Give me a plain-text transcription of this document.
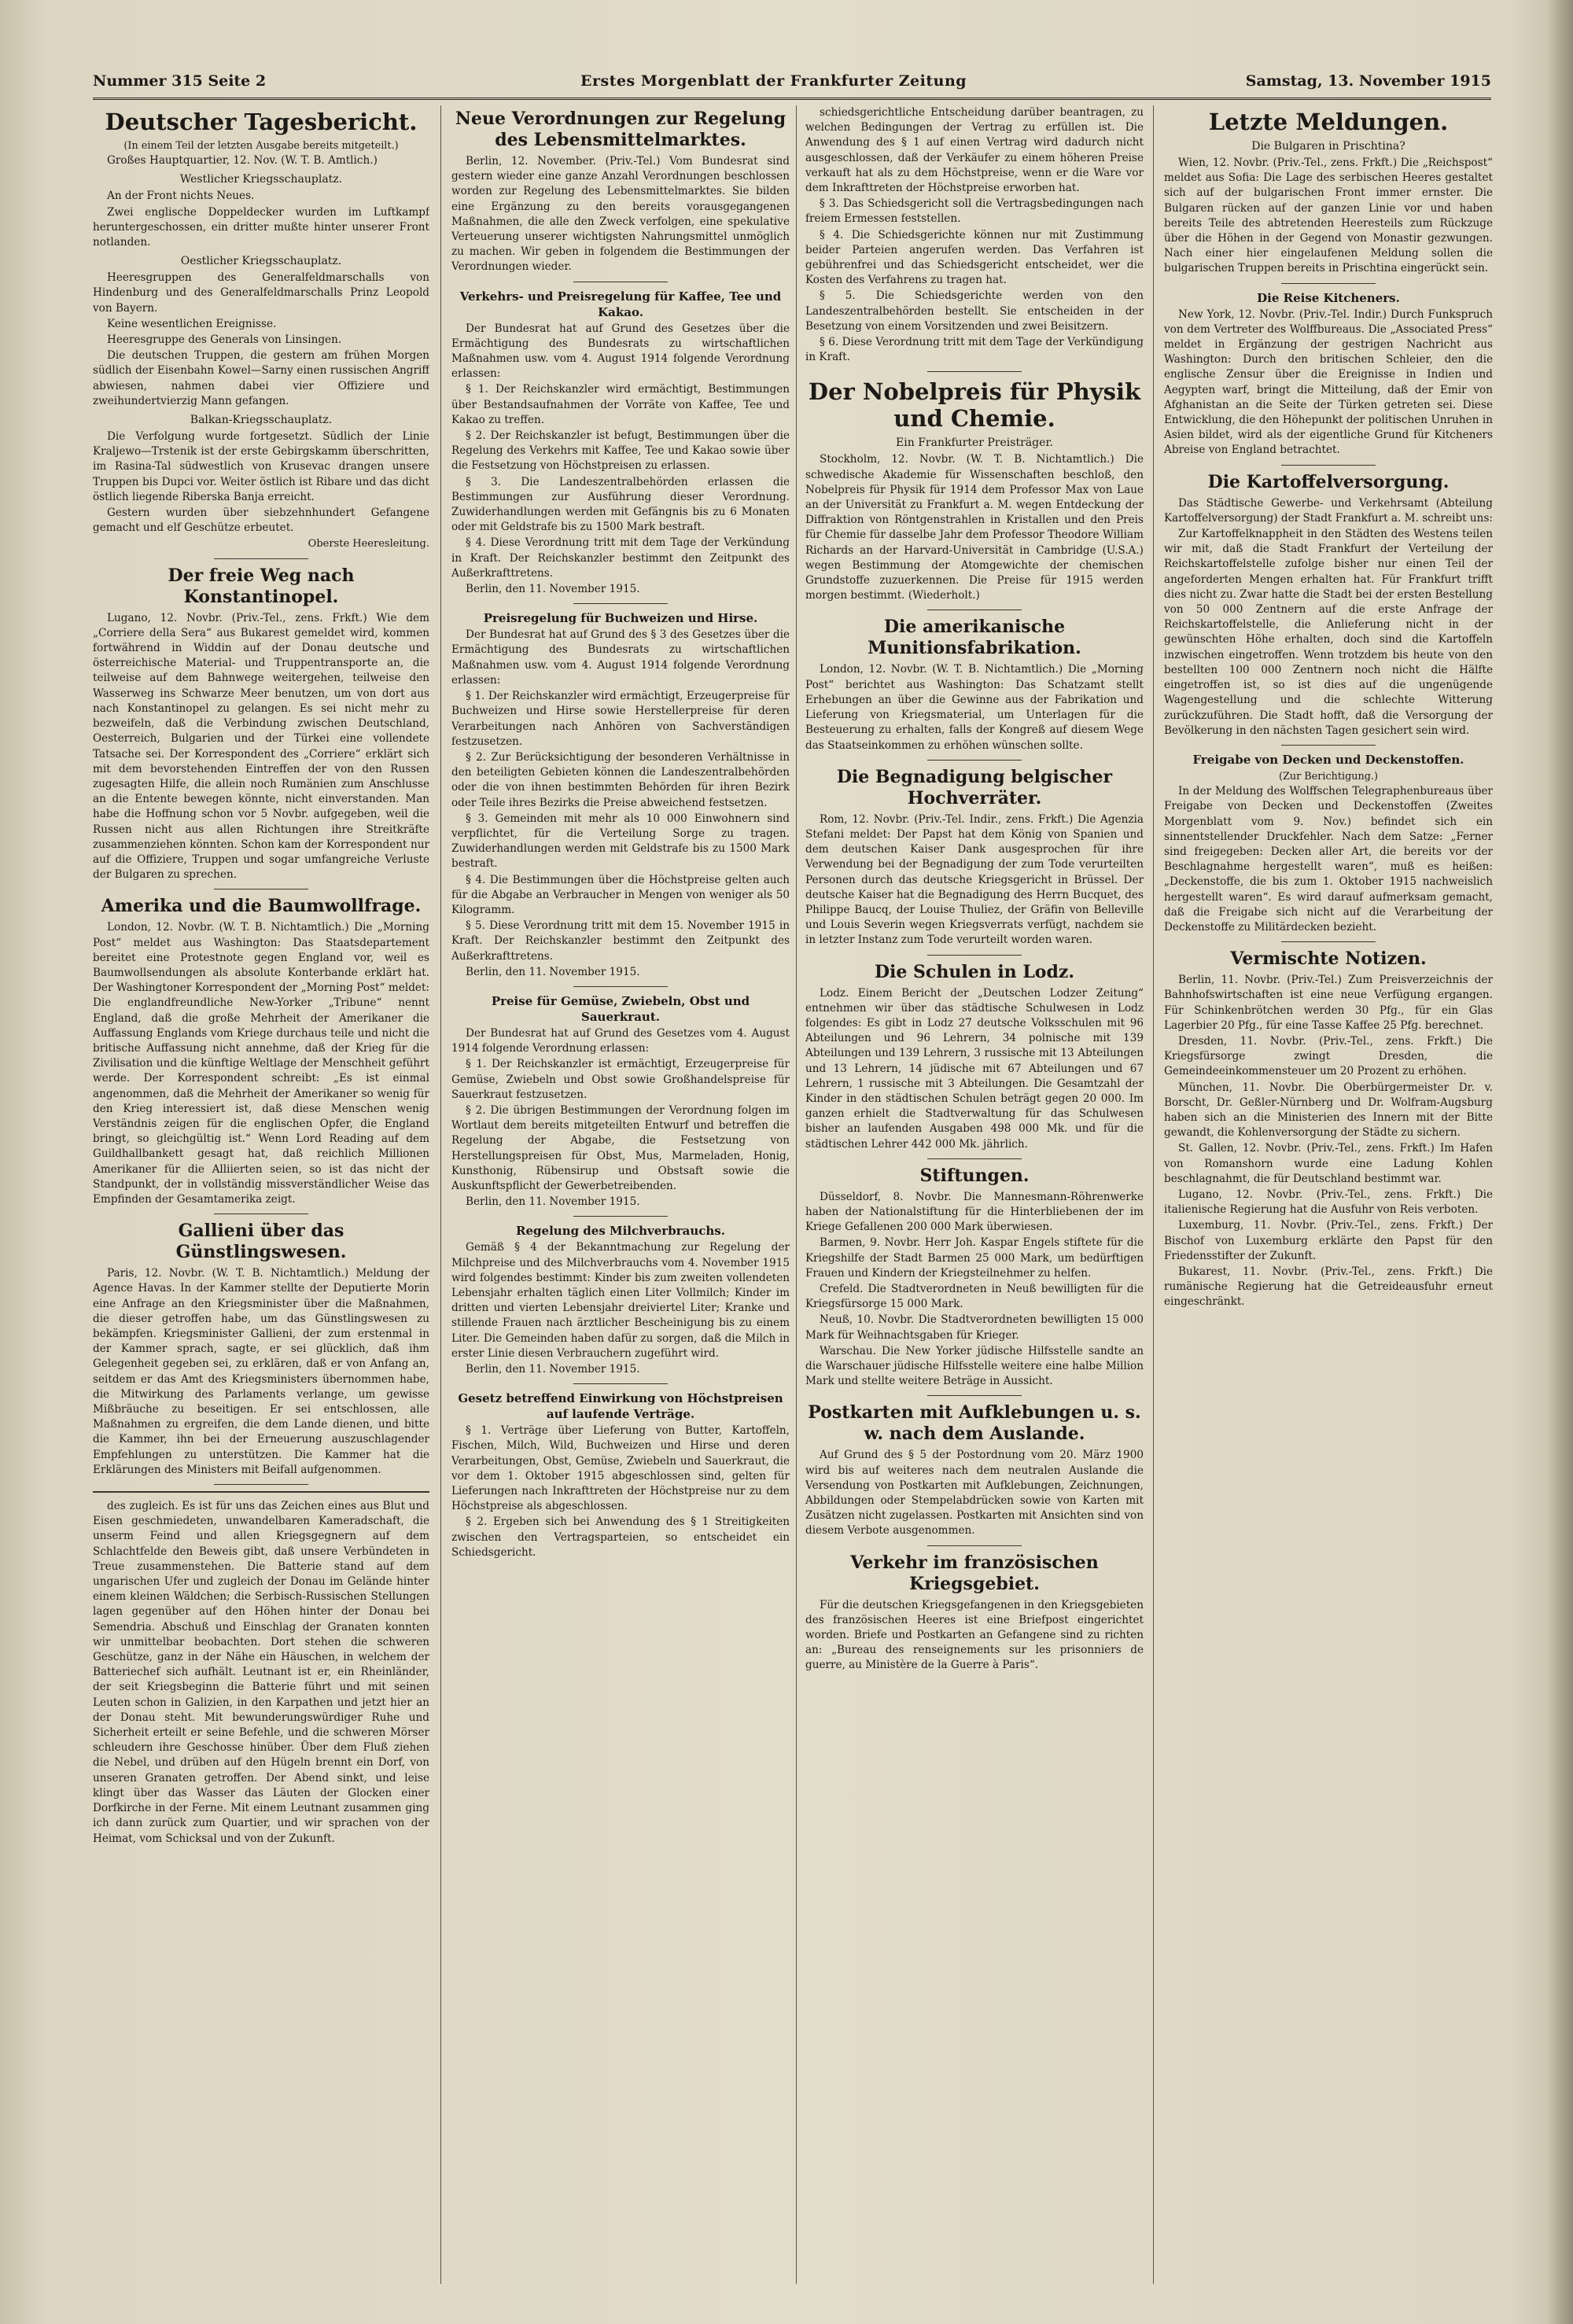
Nummer 315 Seite 2	Erstes Morgenblatt der Frankfurter Zeitung	Samstag, 13. November 1915
Deutscher Tagesbericht.
(In einem Teil der letzten Ausgabe bereits mitgeteilt.)
Großes Hauptquartier, 12. Nov. (W. T. B. Amtlich.)
Westlicher Kriegsschauplatz.
An der Front nichts Neues.
Zwei englische Doppeldecker wurden im Luftkampf heruntergeschossen, ein dritter mußte hinter unserer Front notlanden.
Oestlicher Kriegsschauplatz.
Heeresgruppen des Generalfeldmarschalls von Hindenburg und des Generalfeldmarschalls Prinz Leopold von Bayern.
Keine wesentlichen Ereignisse.
Heeresgruppe des Generals von Linsingen.
Die deutschen Truppen, die gestern am frühen Morgen südlich der Eisenbahn Kowel—Sarny einen russischen Angriff abwiesen, nahmen dabei vier Offiziere und zweihundertvierzig Mann gefangen.
Balkan-Kriegsschauplatz.
Die Verfolgung wurde fortgesetzt. Südlich der Linie Kraljewo—Trstenik ist der erste Gebirgskamm überschritten, im Rasina-Tal südwestlich von Krusevac drangen unsere Truppen bis Dupci vor. Weiter östlich ist Ribare und das dicht östlich liegende Riberska Banja erreicht.
Gestern wurden über siebzehnhundert Gefangene gemacht und elf Geschütze erbeutet.
Oberste Heeresleitung.
Der freie Weg nach Konstantinopel.
Lugano, 12. Novbr. (Priv.-Tel., zens. Frkft.) Wie dem „Corriere della Sera“ aus Bukarest gemeldet wird, kommen fortwährend in Widdin auf der Donau deutsche und österreichische Material- und Truppentransporte an, die teilweise auf dem Bahnwege weitergehen, teilweise den Wasserweg ins Schwarze Meer benutzen, um von dort aus nach Konstantinopel zu gelangen. Es sei nicht mehr zu bezweifeln, daß die Verbindung zwischen Deutschland, Oesterreich, Bulgarien und der Türkei eine vollendete Tatsache sei. Der Korrespondent des „Corriere“ erklärt sich mit dem bevorstehenden Eintreffen der von den Russen zugesagten Hilfe, die allein noch Rumänien zum Anschlusse an die Entente bewegen könnte, nicht einverstanden. Man habe die Hoffnung schon vor 5 Novbr. aufgegeben, weil die Russen nicht aus allen Richtungen ihre Streitkräfte zusammenziehen könnten. Schon kam der Korrespondent nur auf die Offiziere, Truppen und sogar umfangreiche Verluste der Bulgaren zu sprechen.
Amerika und die Baumwollfrage.
London, 12. Novbr. (W. T. B. Nichtamtlich.) Die „Morning Post“ meldet aus Washington: Das Staatsdepartement bereitet eine Protestnote gegen England vor, weil es Baumwollsendungen als absolute Konterbande erklärt hat. Der Washingtoner Korrespondent der „Morning Post“ meldet: Die englandfreundliche New-Yorker „Tribune“ nennt England, daß die große Mehrheit der Amerikaner die Auffassung Englands vom Kriege durchaus teile und nicht die britische Auffassung nicht annehme, daß der Krieg für die Zivilisation und die künftige Weltlage der Menschheit geführt werde. Der Korrespondent schreibt: „Es ist einmal angenommen, daß die Mehrheit der Amerikaner so wenig für den Krieg interessiert ist, daß diese Menschen wenig Verständnis zeigen für die englischen Opfer, die England bringt, so gleichgültig ist.“ Wenn Lord Reading auf dem Guildhallbankett gesagt hat, daß reichlich Millionen Amerikaner für die Alliierten seien, so ist das nicht der Standpunkt, der in vollständig missverständlicher Weise das Empfinden der Gesamtamerika zeigt.
Gallieni über das Günstlingswesen.
Paris, 12. Novbr. (W. T. B. Nichtamtlich.) Meldung der Agence Havas. In der Kammer stellte der Deputierte Morin eine Anfrage an den Kriegsminister über die Maßnahmen, die dieser getroffen habe, um das Günstlingswesen zu bekämpfen. Kriegsminister Gallieni, der zum erstenmal in der Kammer sprach, sagte, er sei glücklich, daß ihm Gelegenheit gegeben sei, zu erklären, daß er von Anfang an, seitdem er das Amt des Kriegsministers übernommen habe, die Mitwirkung des Parlaments verlange, um gewisse Mißbräuche zu beseitigen. Er sei entschlossen, alle Maßnahmen zu ergreifen, die dem Lande dienen, und bitte die Kammer, ihn bei der Erneuerung auszuschlagender Empfehlungen zu unterstützen. Die Kammer hat die Erklärungen des Ministers mit Beifall aufgenommen.
des zugleich. Es ist für uns das Zeichen eines aus Blut und Eisen geschmiedeten, unwandelbaren Kameradschaft, die unserm Feind und allen Kriegsgegnern auf dem Schlachtfelde den Beweis gibt, daß unsere Verbündeten in Treue zusammenstehen. Die Batterie stand auf dem ungarischen Ufer und zugleich der Donau im Gelände hinter einem kleinen Wäldchen; die Serbisch-Russischen Stellungen lagen gegenüber auf den Höhen hinter der Donau bei Semendria. Abschuß und Einschlag der Granaten konnten wir unmittelbar beobachten. Dort stehen die schweren Geschütze, ganz in der Nähe ein Häuschen, in welchem der Batteriechef sich aufhält. Leutnant ist er, ein Rheinländer, der seit Kriegsbeginn die Batterie führt und mit seinen Leuten schon in Galizien, in den Karpathen und jetzt hier an der Donau steht. Mit bewunderungswürdiger Ruhe und Sicherheit erteilt er seine Befehle, und die schweren Mörser schleudern ihre Geschosse hinüber. Über dem Fluß ziehen die Nebel, und drüben auf den Hügeln brennt ein Dorf, von unseren Granaten getroffen. Der Abend sinkt, und leise klingt über das Wasser das Läuten der Glocken einer Dorfkirche in der Ferne. Mit einem Leutnant zusammen ging ich dann zurück zum Quartier, und wir sprachen von der Heimat, vom Schicksal und von der Zukunft.
Neue Verordnungen zur Regelung des Lebensmittelmarktes.
Berlin, 12. November. (Priv.-Tel.) Vom Bundesrat sind gestern wieder eine ganze Anzahl Verordnungen beschlossen worden zur Regelung des Lebensmittelmarktes. Sie bilden eine Ergänzung zu den bereits vorausgegangenen Maßnahmen, die alle den Zweck verfolgen, eine spekulative Verteuerung unserer wichtigsten Nahrungsmittel unmöglich zu machen. Wir geben in folgendem die Bestimmungen der Verordnungen wieder.
Verkehrs- und Preisregelung für Kaffee, Tee und Kakao.
Der Bundesrat hat auf Grund des Gesetzes über die Ermächtigung des Bundesrats zu wirtschaftlichen Maßnahmen usw. vom 4. August 1914 folgende Verordnung erlassen:
§ 1. Der Reichskanzler wird ermächtigt, Bestimmungen über Bestandsaufnahmen der Vorräte von Kaffee, Tee und Kakao zu treffen.
§ 2. Der Reichskanzler ist befugt, Bestimmungen über die Regelung des Verkehrs mit Kaffee, Tee und Kakao sowie über die Festsetzung von Höchstpreisen zu erlassen.
§ 3. Die Landeszentralbehörden erlassen die Bestimmungen zur Ausführung dieser Verordnung. Zuwiderhandlungen werden mit Gefängnis bis zu 6 Monaten oder mit Geldstrafe bis zu 1500 Mark bestraft.
§ 4. Diese Verordnung tritt mit dem Tage der Verkündung in Kraft. Der Reichskanzler bestimmt den Zeitpunkt des Außerkrafttretens.
Berlin, den 11. November 1915.
Preisregelung für Buchweizen und Hirse.
Der Bundesrat hat auf Grund des § 3 des Gesetzes über die Ermächtigung des Bundesrats zu wirtschaftlichen Maßnahmen usw. vom 4. August 1914 folgende Verordnung erlassen:
§ 1. Der Reichskanzler wird ermächtigt, Erzeugerpreise für Buchweizen und Hirse sowie Herstellerpreise für deren Verarbeitungen nach Anhören von Sachverständigen festzusetzen.
§ 2. Zur Berücksichtigung der besonderen Verhältnisse in den beteiligten Gebieten können die Landeszentralbehörden oder die von ihnen bestimmten Behörden für ihren Bezirk oder Teile ihres Bezirks die Preise abweichend festsetzen.
§ 3. Gemeinden mit mehr als 10 000 Einwohnern sind verpflichtet, für die Verteilung Sorge zu tragen. Zuwiderhandlungen werden mit Geldstrafe bis zu 1500 Mark bestraft.
§ 4. Die Bestimmungen über die Höchstpreise gelten auch für die Abgabe an Verbraucher in Mengen von weniger als 50 Kilogramm.
§ 5. Diese Verordnung tritt mit dem 15. November 1915 in Kraft. Der Reichskanzler bestimmt den Zeitpunkt des Außerkrafttretens.
Berlin, den 11. November 1915.
Preise für Gemüse, Zwiebeln, Obst und Sauerkraut.
Der Bundesrat hat auf Grund des Gesetzes vom 4. August 1914 folgende Verordnung erlassen:
§ 1. Der Reichskanzler ist ermächtigt, Erzeugerpreise für Gemüse, Zwiebeln und Obst sowie Großhandelspreise für Sauerkraut festzusetzen.
§ 2. Die übrigen Bestimmungen der Verordnung folgen im Wortlaut dem bereits mitgeteilten Entwurf und betreffen die Regelung der Abgabe, die Festsetzung von Herstellungspreisen für Obst, Mus, Marmeladen, Honig, Kunsthonig, Rübensirup und Obstsaft sowie die Auskunftspflicht der Gewerbetreibenden.
Berlin, den 11. November 1915.
Regelung des Milchverbrauchs.
Gemäß § 4 der Bekanntmachung zur Regelung der Milchpreise und des Milchverbrauchs vom 4. November 1915 wird folgendes bestimmt: Kinder bis zum zweiten vollendeten Lebensjahr erhalten täglich einen Liter Vollmilch; Kinder im dritten und vierten Lebensjahr dreiviertel Liter; Kranke und stillende Frauen nach ärztlicher Bescheinigung bis zu einem Liter. Die Gemeinden haben dafür zu sorgen, daß die Milch in erster Linie diesen Verbrauchern zugeführt wird.
Berlin, den 11. November 1915.
Gesetz betreffend Einwirkung von Höchstpreisen auf laufende Verträge.
§ 1. Verträge über Lieferung von Butter, Kartoffeln, Fischen, Milch, Wild, Buchweizen und Hirse und deren Verarbeitungen, Obst, Gemüse, Zwiebeln und Sauerkraut, die vor dem 1. Oktober 1915 abgeschlossen sind, gelten für Lieferungen nach Inkrafttreten der Höchstpreise nur zu dem Höchstpreise als abgeschlossen.
§ 2. Ergeben sich bei Anwendung des § 1 Streitigkeiten zwischen den Vertragsparteien, so entscheidet ein Schiedsgericht.
schiedsgerichtliche Entscheidung darüber beantragen, zu welchen Bedingungen der Vertrag zu erfüllen ist. Die Anwendung des § 1 auf einen Vertrag wird dadurch nicht ausgeschlossen, daß der Verkäufer zu einem höheren Preise verkauft hat als zu dem Höchstpreise, wenn er die Ware vor dem Inkrafttreten der Höchstpreise erworben hat.
§ 3. Das Schiedsgericht soll die Vertragsbedingungen nach freiem Ermessen feststellen.
§ 4. Die Schiedsgerichte können nur mit Zustimmung beider Parteien angerufen werden. Das Verfahren ist gebührenfrei und das Schiedsgericht entscheidet, wer die Kosten des Verfahrens zu tragen hat.
§ 5. Die Schiedsgerichte werden von den Landeszentralbehörden bestellt. Sie entscheiden in der Besetzung von einem Vorsitzenden und zwei Beisitzern.
§ 6. Diese Verordnung tritt mit dem Tage der Verkündigung in Kraft.
Der Nobelpreis für Physik und Chemie.
Ein Frankfurter Preisträger.
Stockholm, 12. Novbr. (W. T. B. Nichtamtlich.) Die schwedische Akademie für Wissenschaften beschloß, den Nobelpreis für Physik für 1914 dem Professor Max von Laue an der Universität zu Frankfurt a. M. wegen Entdeckung der Diffraktion von Röntgenstrahlen in Kristallen und den Preis für Chemie für dasselbe Jahr dem Professor Theodore William Richards an der Harvard-Universität in Cambridge (U.S.A.) wegen Bestimmung der Atomgewichte der chemischen Grundstoffe zuzuerkennen. Die Preise für 1915 werden morgen bestimmt. (Wiederholt.)
Die amerikanische Munitionsfabrikation.
London, 12. Novbr. (W. T. B. Nichtamtlich.) Die „Morning Post“ berichtet aus Washington: Das Schatzamt stellt Erhebungen an über die Gewinne aus der Fabrikation und Lieferung von Kriegsmaterial, um Unterlagen für die Besteuerung zu erhalten, falls der Kongreß auf diesem Wege das Staatseinkommen zu erhöhen wünschen sollte.
Die Begnadigung belgischer Hochverräter.
Rom, 12. Novbr. (Priv.-Tel. Indir., zens. Frkft.) Die Agenzia Stefani meldet: Der Papst hat dem König von Spanien und dem deutschen Kaiser Dank ausgesprochen für ihre Verwendung bei der Begnadigung der zum Tode verurteilten Personen durch das deutsche Kriegsgericht in Brüssel. Der deutsche Kaiser hat die Begnadigung des Herrn Bucquet, des Philippe Baucq, der Louise Thuliez, der Gräfin von Belleville und Louis Severin wegen Kriegsverrats verfügt, nachdem sie in letzter Instanz zum Tode verurteilt worden waren.
Die Schulen in Lodz.
Lodz. Einem Bericht der „Deutschen Lodzer Zeitung“ entnehmen wir über das städtische Schulwesen in Lodz folgendes: Es gibt in Lodz 27 deutsche Volksschulen mit 96 Abteilungen und 96 Lehrern, 34 polnische mit 139 Abteilungen und 139 Lehrern, 3 russische mit 13 Abteilungen und 13 Lehrern, 14 jüdische mit 67 Abteilungen und 67 Lehrern, 1 russische mit 3 Abteilungen. Die Gesamtzahl der Kinder in den städtischen Schulen beträgt gegen 20 000. Im ganzen erhielt die Stadtverwaltung für das Schulwesen bisher an laufenden Ausgaben 498 000 Mk. und für die städtischen Lehrer 442 000 Mk. jährlich.
Stiftungen.
Düsseldorf, 8. Novbr. Die Mannesmann-Röhrenwerke haben der Nationalstiftung für die Hinterbliebenen der im Kriege Gefallenen 200 000 Mark überwiesen.
Barmen, 9. Novbr. Herr Joh. Kaspar Engels stiftete für die Kriegshilfe der Stadt Barmen 25 000 Mark, um bedürftigen Frauen und Kindern der Kriegsteilnehmer zu helfen.
Crefeld. Die Stadtverordneten in Neuß bewilligten für die Kriegsfürsorge 15 000 Mark.
Neuß, 10. Novbr. Die Stadtverordneten bewilligten 15 000 Mark für Weihnachtsgaben für Krieger.
Warschau. Die New Yorker jüdische Hilfsstelle sandte an die Warschauer jüdische Hilfsstelle weitere eine halbe Million Mark und stellte weitere Beträge in Aussicht.
Postkarten mit Aufklebungen u. s. w. nach dem Auslande.
Auf Grund des § 5 der Postordnung vom 20. März 1900 wird bis auf weiteres nach dem neutralen Auslande die Versendung von Postkarten mit Aufklebungen, Zeichnungen, Abbildungen oder Stempelabdrücken sowie von Karten mit Zusätzen nicht zugelassen. Postkarten mit Ansichten sind von diesem Verbote ausgenommen.
Verkehr im französischen Kriegsgebiet.
Für die deutschen Kriegsgefangenen in den Kriegsgebieten des französischen Heeres ist eine Briefpost eingerichtet worden. Briefe und Postkarten an Gefangene sind zu richten an: „Bureau des renseignements sur les prisonniers de guerre, au Ministère de la Guerre à Paris“.
Letzte Meldungen.
Die Bulgaren in Prischtina?
Wien, 12. Novbr. (Priv.-Tel., zens. Frkft.) Die „Reichspost“ meldet aus Sofia: Die Lage des serbischen Heeres gestaltet sich auf der bulgarischen Front immer ernster. Die Bulgaren rücken auf der ganzen Linie vor und haben bereits Teile des abtretenden Heeresteils zum Rückzuge über die Höhen in der Gegend von Monastir gezwungen. Nach einer hier eingelaufenen Meldung sollen die bulgarischen Truppen bereits in Prischtina eingerückt sein.
Die Reise Kitcheners.
New York, 12. Novbr. (Priv.-Tel. Indir.) Durch Funkspruch von dem Vertreter des Wolffbureaus. Die „Associated Press“ meldet in Ergänzung der gestrigen Nachricht aus Washington: Durch den britischen Schleier, den die englische Zensur über die Ereignisse in Indien und Aegypten warf, bringt die Mitteilung, daß der Emir von Afghanistan an die Seite der Türken getreten sei. Diese Entwicklung, die den Höhepunkt der politischen Unruhen in Asien bildet, wird als der eigentliche Grund für Kitcheners Abreise von England betrachtet.
Die Kartoffelversorgung.
Das Städtische Gewerbe- und Verkehrsamt (Abteilung Kartoffelversorgung) der Stadt Frankfurt a. M. schreibt uns:
Zur Kartoffelknappheit in den Städten des Westens teilen wir mit, daß die Stadt Frankfurt der Verteilung der Reichskartoffelstelle zufolge bisher nur einen Teil der angeforderten Mengen erhalten hat. Für Frankfurt trifft dies nicht zu. Zwar hatte die Stadt bei der ersten Bestellung von 50 000 Zentnern auf die erste Anfrage der Reichskartoffelstelle, die Anlieferung nicht in der gewünschten Höhe erhalten, doch sind die Kartoffeln inzwischen eingetroffen. Wenn trotzdem bis heute von den bestellten 100 000 Zentnern noch nicht die Hälfte eingetroffen ist, so ist dies auf die ungenügende Wagengestellung und die schlechte Witterung zurückzuführen. Die Stadt hofft, daß die Versorgung der Bevölkerung in den nächsten Tagen gesichert sein wird.
Freigabe von Decken und Deckenstoffen.
(Zur Berichtigung.)
In der Meldung des Wolffschen Telegraphenbureaus über Freigabe von Decken und Deckenstoffen (Zweites Morgenblatt vom 9. Nov.) befindet sich ein sinnentstellender Druckfehler. Nach dem Satze: „Ferner sind freigegeben: Decken aller Art, die bereits vor der Beschlagnahme hergestellt waren“, muß es heißen: „Deckenstoffe, die bis zum 1. Oktober 1915 nachweislich hergestellt waren“. Es wird darauf aufmerksam gemacht, daß die Freigabe sich nicht auf die Verarbeitung der Deckenstoffe zu Militärdecken bezieht.
Vermischte Notizen.
Berlin, 11. Novbr. (Priv.-Tel.) Zum Preisverzeichnis der Bahnhofswirtschaften ist eine neue Verfügung ergangen. Für Schinkenbrötchen werden 30 Pfg., für ein Glas Lagerbier 20 Pfg., für eine Tasse Kaffee 25 Pfg. berechnet.
Dresden, 11. Novbr. (Priv.-Tel., zens. Frkft.) Die Kriegsfürsorge zwingt Dresden, die Gemeindeeinkommensteuer um 20 Prozent zu erhöhen.
München, 11. Novbr. Die Oberbürgermeister Dr. v. Borscht, Dr. Geßler-Nürnberg und Dr. Wolfram-Augsburg haben sich an die Ministerien des Innern mit der Bitte gewandt, die Kohlenversorgung der Städte zu sichern.
St. Gallen, 12. Novbr. (Priv.-Tel., zens. Frkft.) Im Hafen von Romanshorn wurde eine Ladung Kohlen beschlagnahmt, die für Deutschland bestimmt war.
Lugano, 12. Novbr. (Priv.-Tel., zens. Frkft.) Die italienische Regierung hat die Ausfuhr von Reis verboten.
Luxemburg, 11. Novbr. (Priv.-Tel., zens. Frkft.) Der Bischof von Luxemburg erklärte den Papst für den Friedensstifter der Zukunft.
Bukarest, 11. Novbr. (Priv.-Tel., zens. Frkft.) Die rumänische Regierung hat die Getreideausfuhr erneut eingeschränkt.
